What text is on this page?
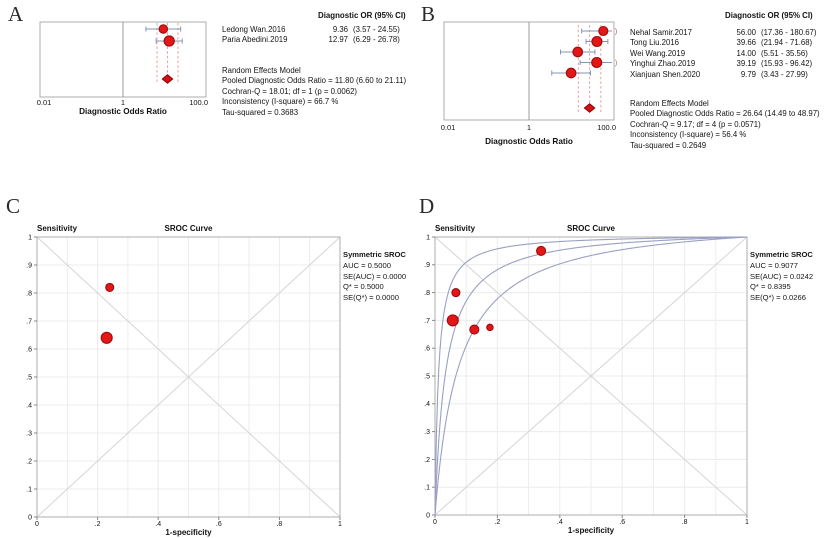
A
0.01	1	100.0
Diagnostic Odds Ratio
Diagnostic OR (95% CI)
Ledong Wan.2016	9.36 (3.57 - 24.55)
Paria Abedini.2019	12.97 (6.29 - 26.78)
Random Effects Model
Pooled Diagnostic Odds Ratio = 11.80 (6.60 to 21.11)
Cochran-Q = 18.01; df = 1 (p = 0.0062)
Inconsistency (I-square) = 66.7 %
Tau-squared = 0.3683
B
)
)
0.01	1	100.0
Diagnostic Odds Ratio
Diagnostic OR (95% CI)
Nehal Samir.2017	56.00 (17.36 - 180.67)
Tong Liu.2016	39.66 (21.94 - 71.68)
Wei Wang.2019	14.00 (5.51 - 35.56)
Yinghui Zhao.2019	39.19 (15.93 - 96.42)
Xianjuan Shen.2020	9.79 (3.43 - 27.99)
Random Effects Model
Pooled Diagnostic Odds Ratio = 26.64 (14.49 to 48.97)
Cochran-Q = 9.17; df = 4 (p = 0.0571)
Inconsistency (I-square) = 56.4 %
Tau-squared = 0.2649
C
1
.9
.8
.7
.6
.5
.4
.3
.2
.1
0
0	.2	.4	.6	.8	1
Sensitivity	SROC Curve
1-specificity
Symmetric SROC
AUC = 0.5000
SE(AUC) = 0.0000
Q* = 0.5000
SE(Q*) = 0.0000
D
1
.9
.8
.7
.6
.5
.4
.3
.2
.1
0
0	.2	.4	.6	.8	1
Sensitivity	SROC Curve
1-specificity
Symmetric SROC
AUC = 0.9077
SE(AUC) = 0.0242
Q* = 0.8395
SE(Q*) = 0.0266
